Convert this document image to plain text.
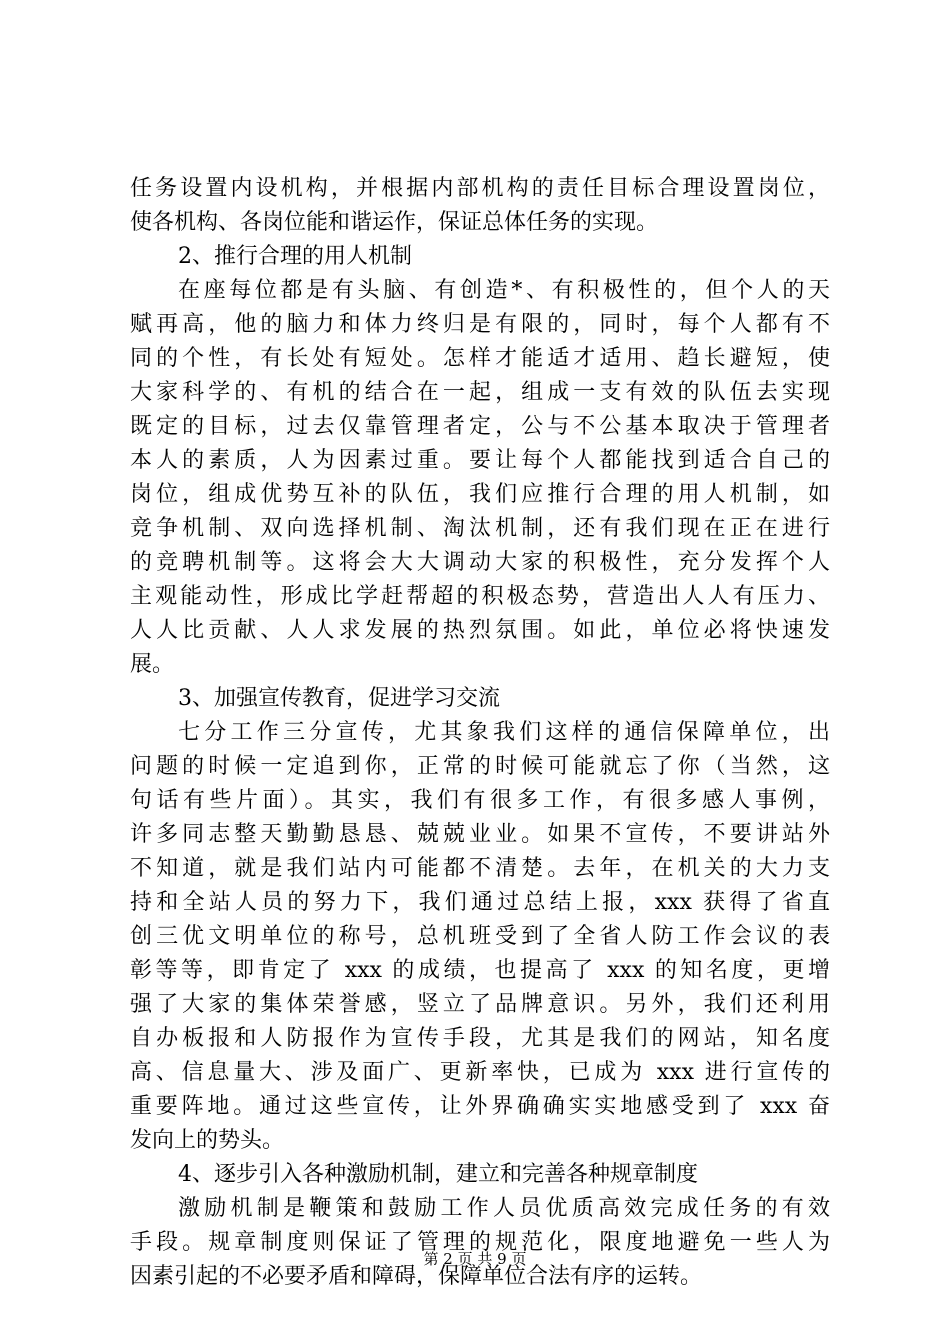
任务设置内设机构，并根据内部机构的责任目标合理设置岗位，
使各机构、各岗位能和谐运作，保证总体任务的实现。
2、推行合理的用人机制
在座每位都是有头脑、有创造*、有积极性的，但个人的天
赋再高，他的脑力和体力终归是有限的，同时，每个人都有不
同的个性，有长处有短处。怎样才能适才适用、趋长避短，使
大家科学的、有机的结合在一起，组成一支有效的队伍去实现
既定的目标，过去仅靠管理者定，公与不公基本取决于管理者
本人的素质，人为因素过重。要让每个人都能找到适合自己的
岗位，组成优势互补的队伍，我们应推行合理的用人机制，如
竞争机制、双向选择机制、淘汰机制，还有我们现在正在进行
的竞聘机制等。这将会大大调动大家的积极性，充分发挥个人
主观能动性，形成比学赶帮超的积极态势，营造出人人有压力、
人人比贡献、人人求发展的热烈氛围。如此，单位必将快速发
展。
3、加强宣传教育，促进学习交流
七分工作三分宣传，尤其象我们这样的通信保障单位，出
问题的时候一定追到你，正常的时候可能就忘了你（当然，这
句话有些片面）。其实，我们有很多工作，有很多感人事例，
许多同志整天勤勤恳恳、兢兢业业。如果不宣传，不要讲站外
不知道，就是我们站内可能都不清楚。去年，在机关的大力支
持和全站人员的努力下，我们通过总结上报，xxx 获得了省直
创三优文明单位的称号，总机班受到了全省人防工作会议的表
彰等等，即肯定了 xxx 的成绩，也提高了 xxx 的知名度，更增
强了大家的集体荣誉感，竖立了品牌意识。另外，我们还利用
自办板报和人防报作为宣传手段，尤其是我们的网站，知名度
高、信息量大、涉及面广、更新率快，已成为 xxx 进行宣传的
重要阵地。通过这些宣传，让外界确确实实地感受到了 xxx 奋
发向上的势头。
4、逐步引入各种激励机制，建立和完善各种规章制度
激励机制是鞭策和鼓励工作人员优质高效完成任务的有效
手段。规章制度则保证了管理的规范化，限度地避免一些人为
因素引起的不必要矛盾和障碍，保障单位合法有序的运转。
第 2 页 共 9 页
